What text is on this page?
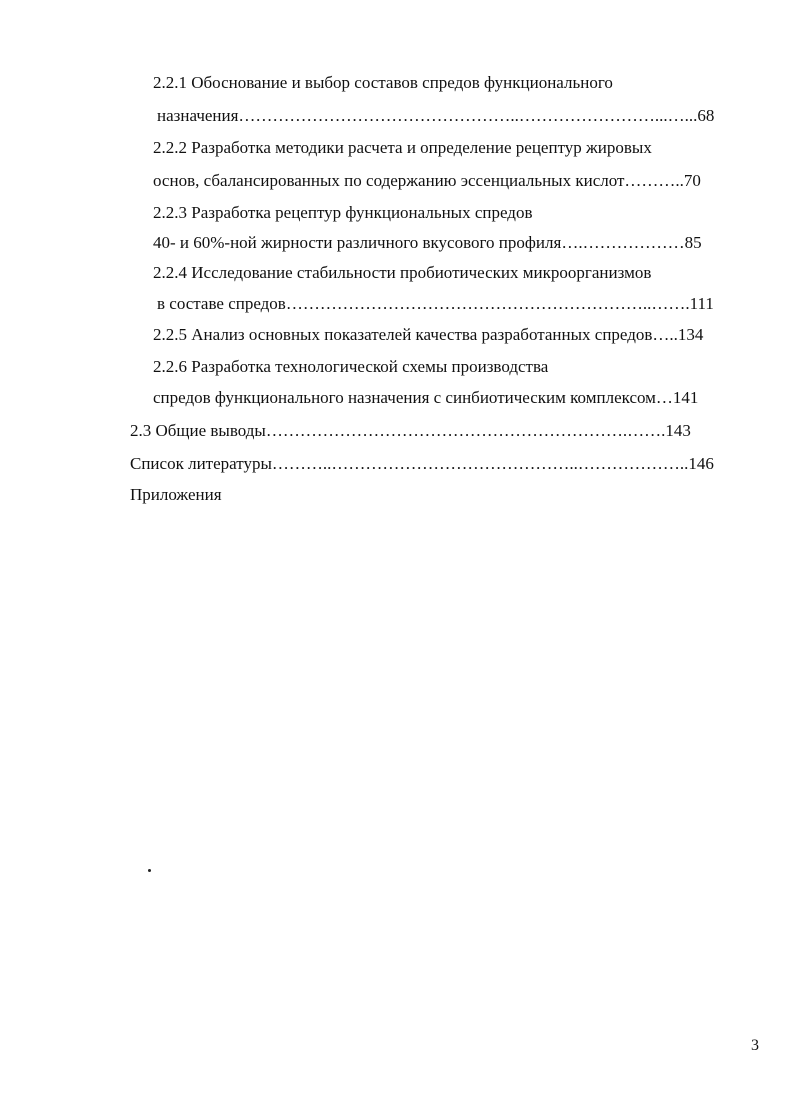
2.2.1 Обоснование и выбор составов спредов функционального

назначения…………………………………………..……………………...…...68

2.2.2 Разработка методики расчета и определение рецептур жировых

основ, сбалансированных по содержанию эссенциальных кислот………..70

2.2.3 Разработка рецептур функциональных спредов

40- и 60%-ной жирности различного вкусового профиля….………………85

2.2.4 Исследование стабильности пробиотических микроорганизмов

в составе спредов………………………………………………………..…….111

2.2.5 Анализ основных показателей качества разработанных спредов…..134

2.2.6 Разработка технологической схемы производства

спредов функционального назначения с синбиотическим комплексом…141

2.3 Общие выводы……………………………………………………….…….143

Список литературы………..……………………………………..………………..146

Приложения

3
